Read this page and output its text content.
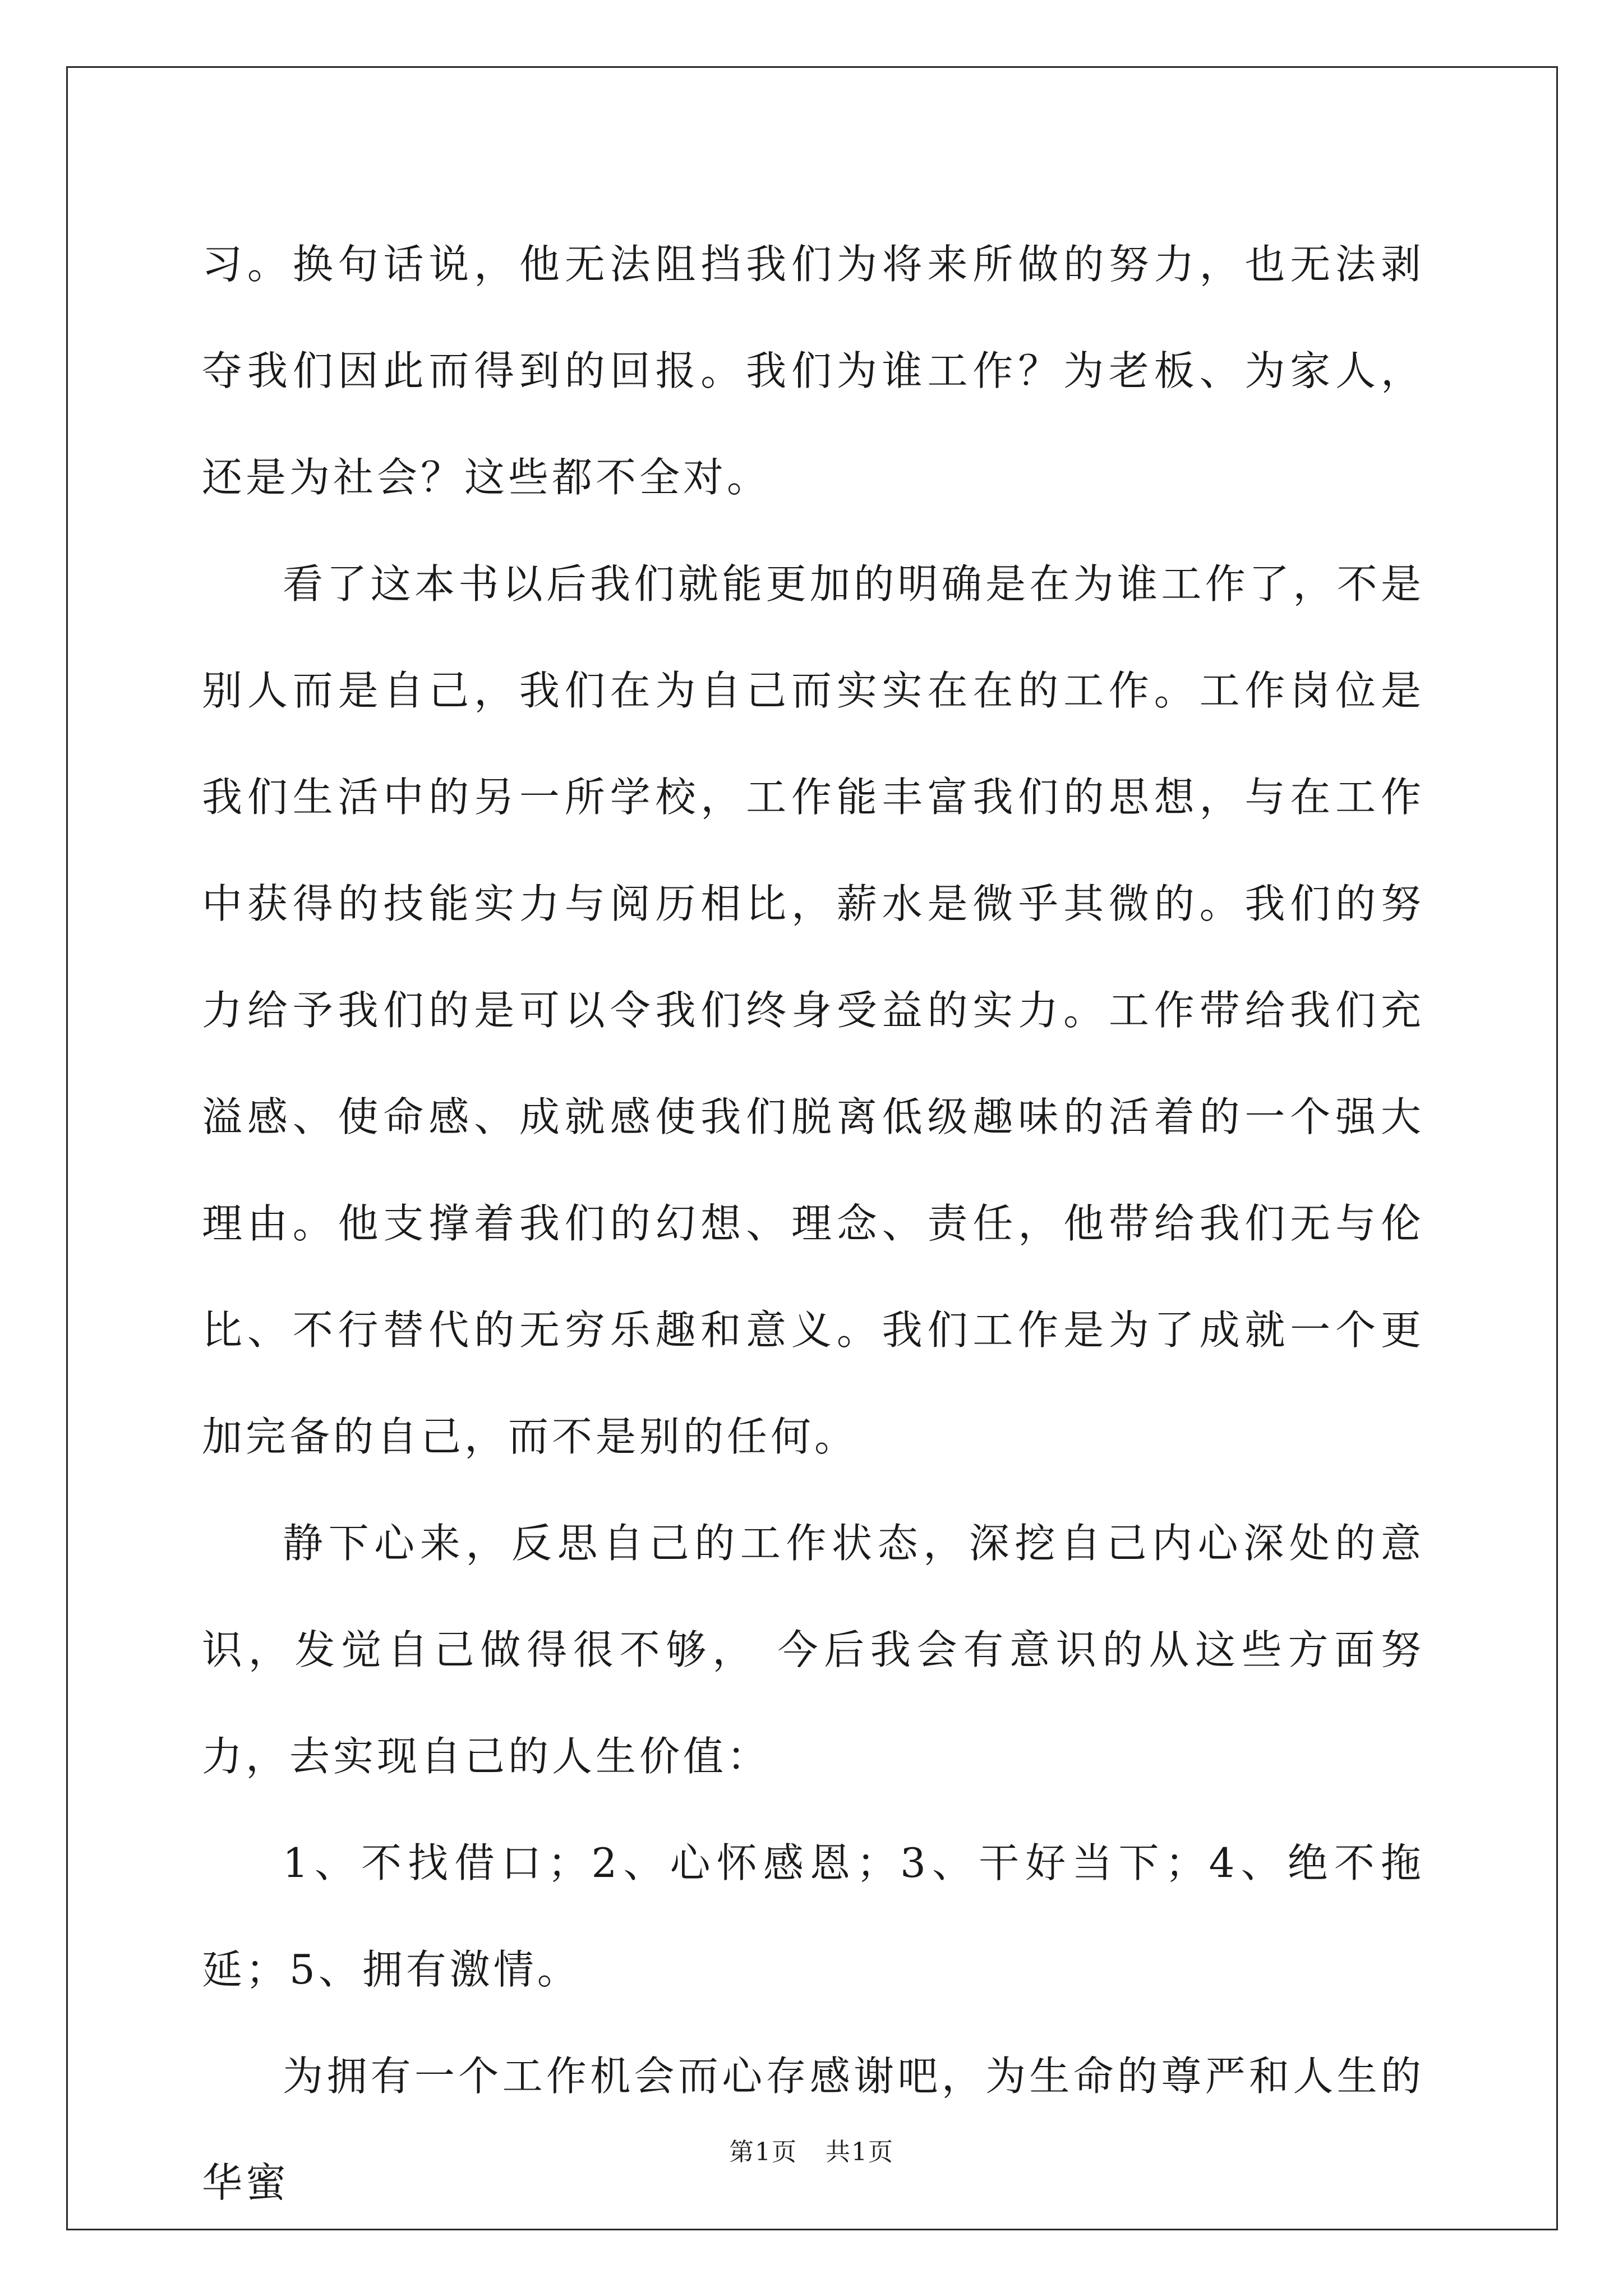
习。换句话说，他无法阻挡我们为将来所做的努力，也无法剥夺我们因此而得到的回报。我们为谁工作？为老板、为家人，还是为社会？这些都不全对。

看了这本书以后我们就能更加的明确是在为谁工作了，不是别人而是自己，我们在为自己而实实在在的工作。工作岗位是我们生活中的另一所学校，工作能丰富我们的思想，与在工作中获得的技能实力与阅历相比，薪水是微乎其微的。我们的努力给予我们的是可以令我们终身受益的实力。工作带给我们充溢感、使命感、成就感使我们脱离低级趣味的活着的一个强大理由。他支撑着我们的幻想、理念、责任，他带给我们无与伦比、不行替代的无穷乐趣和意义。我们工作是为了成就一个更加完备的自己，而不是别的任何。

静下心来，反思自己的工作状态，深挖自己内心深处的意识，发觉自己做得很不够， 今后我会有意识的从这些方面努力，去实现自己的人生价值：

1、不找借口；2、心怀感恩；3、干好当下；4、绝不拖延；5、拥有激情。

为拥有一个工作机会而心存感谢吧，为生命的尊严和人生的华蜜

第1页 共1页
